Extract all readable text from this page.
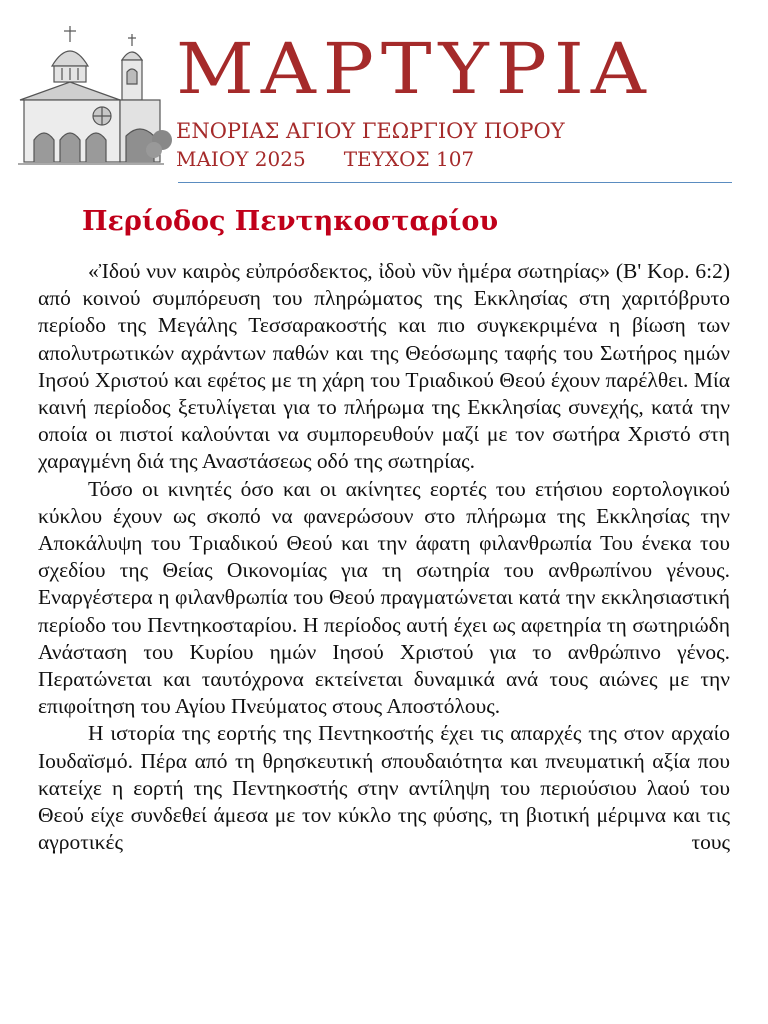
ΜΑΡΤΥΡΙΑ
ΕΝΟΡΙΑΣ ΑΓΙΟΥ ΓΕΩΡΓΙΟΥ ΠΟΡΟΥ
ΜΑΙΟΥ 2025 ΤΕΥΧΟΣ 107
Περίοδος Πεντηκοσταρίου

«Ἰδού νυν καιρὸς εὐπρόσδεκτος, ἰδοὺ νῦν ἡμέρα σωτηρίας» (Β' Κορ. 6:2) από κοινού συμπόρευση του πληρώματος της Εκκλησίας στη χαριτόβρυτο περίοδο της Μεγάλης Τεσσαρακοστής και πιο συγκεκριμένα η βίωση των απολυτρωτικών αχράντων παθών και της Θεόσωμης ταφής του Σωτήρος ημών Ιησού Χριστού και εφέτος με τη χάρη του Τριαδικού Θεού έχουν παρέλθει. Μία καινή περίοδος ξετυλίγεται για το πλήρωμα της Εκκλησίας συνεχής, κατά την οποία οι πιστοί καλούνται να συμπορευθούν μαζί με τον σωτήρα Χριστό στη χαραγμένη διά της Αναστάσεως οδό της σωτηρίας.

Τόσο οι κινητές όσο και οι ακίνητες εορτές του ετήσιου εορτολογικού κύκλου έχουν ως σκοπό να φανερώσουν στο πλήρωμα της Εκκλησίας την Αποκάλυψη του Τριαδικού Θεού και την άφατη φιλανθρωπία Του ένεκα του σχεδίου της Θείας Οικονομίας για τη σωτηρία του ανθρωπίνου γένους. Εναργέστερα η φιλανθρωπία του Θεού πραγματώνεται κατά την εκκλησιαστική περίοδο του Πεντηκοσταρίου. Η περίοδος αυτή έχει ως αφετηρία τη σωτηριώδη Ανάσταση του Κυρίου ημών Ιησού Χριστού για το ανθρώπινο γένος. Περατώνεται και ταυτόχρονα εκτείνεται δυναμικά ανά τους αιώνες με την επιφοίτηση του Αγίου Πνεύματος στους Αποστόλους.

Η ιστορία της εορτής της Πεντηκοστής έχει τις απαρχές της στον αρχαίο Ιουδαϊσμό. Πέρα από τη θρησκευτική σπουδαιότητα και πνευματική αξία που κατείχε η εορτή της Πεντηκοστής στην αντίληψη του περιούσιου λαού του Θεού είχε συνδεθεί άμεσα με τον κύκλο της φύσης, τη βιοτική μέριμνα και τις αγροτικές τους
